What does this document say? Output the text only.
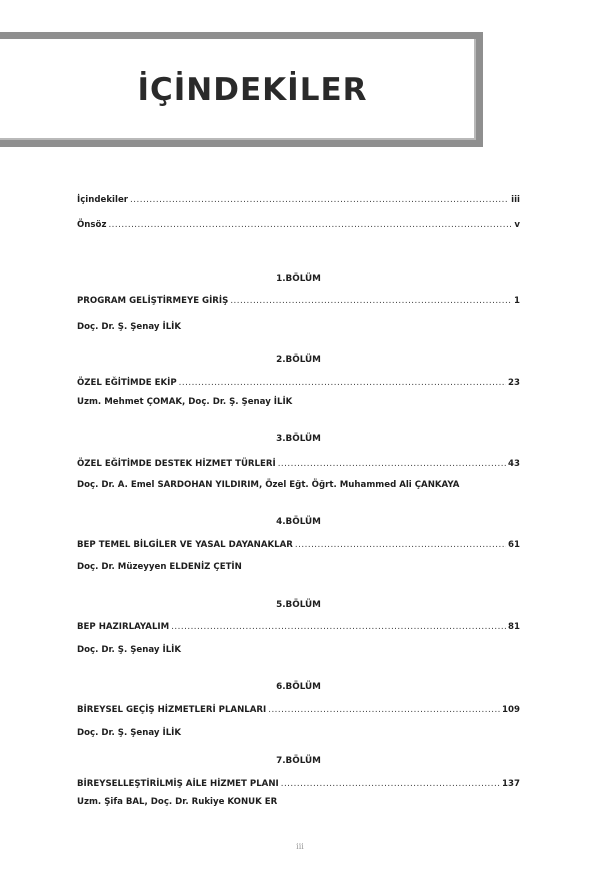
İÇİNDEKİLER
İçindekiler .....	iii
Önsöz .....	v
1.BÖLÜM
PROGRAM GELİŞTİRMEYE GİRİŞ .....	1
Doç. Dr. Ş. Şenay İLİK
2.BÖLÜM
ÖZEL EĞİTİMDE EKİP .....	23
Uzm. Mehmet ÇOMAK, Doç. Dr. Ş. Şenay İLİK
3.BÖLÜM
ÖZEL EĞİTİMDE DESTEK HİZMET TÜRLERİ .....	43
Doç. Dr. A. Emel SARDOHAN YILDIRIM, Özel Eğt. Öğrt. Muhammed Ali ÇANKAYA
4.BÖLÜM
BEP TEMEL BİLGİLER VE YASAL DAYANAKLAR .....	61
Doç. Dr. Müzeyyen ELDENİZ ÇETİN
5.BÖLÜM
BEP HAZIRLAYALIM .....	81
Doç. Dr. Ş. Şenay İLİK
6.BÖLÜM
BİREYSEL GEÇİŞ HİZMETLERİ PLANLARI .....	109
Doç. Dr. Ş. Şenay İLİK
7.BÖLÜM
BİREYSELLEŞTİRİLMİŞ AİLE HİZMET PLANI .....	137
Uzm. Şifa BAL, Doç. Dr. Rukiye KONUK ER
iii
